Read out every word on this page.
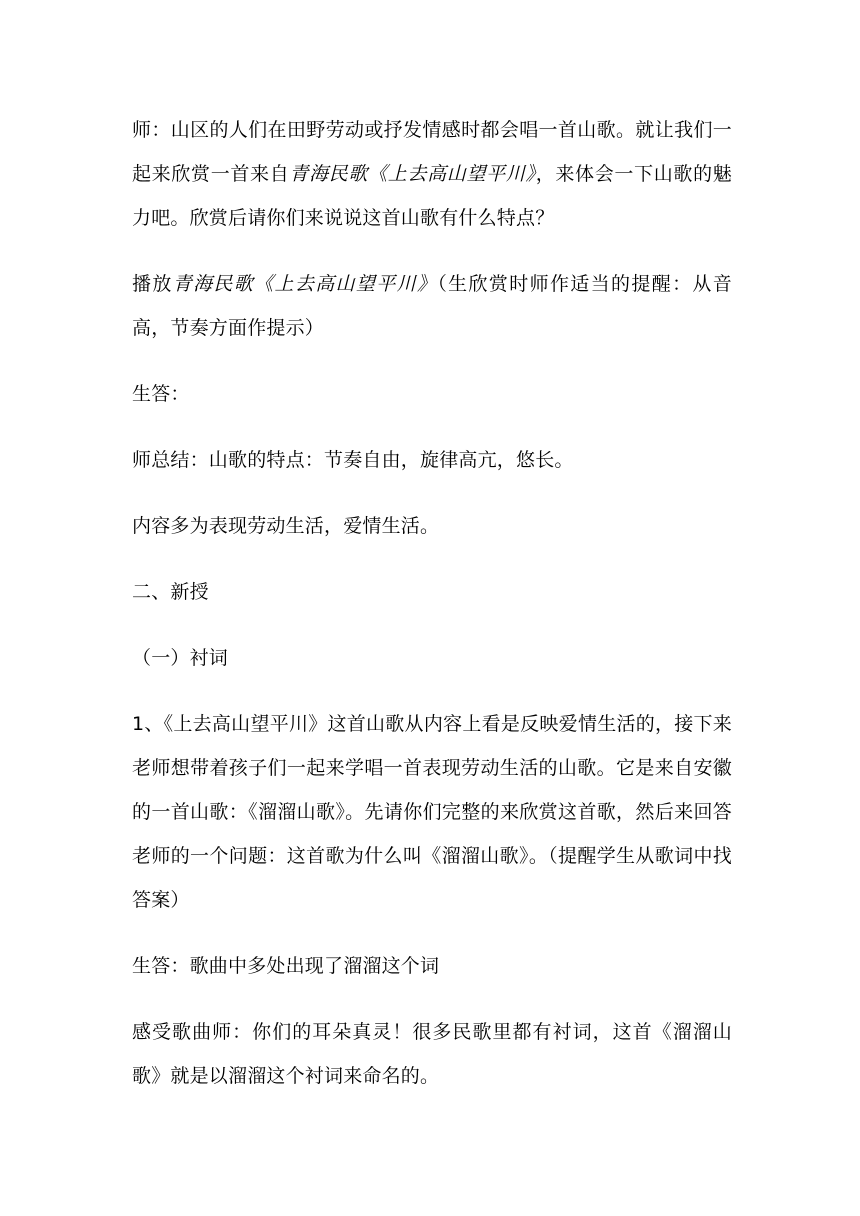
师：山区的人们在田野劳动或抒发情感时都会唱一首山歌。就让我们一起来欣赏一首来自青海民歌《上去高山望平川》，来体会一下山歌的魅力吧。欣赏后请你们来说说这首山歌有什么特点？

播放青海民歌《上去高山望平川》（生欣赏时师作适当的提醒：从音高，节奏方面作提示）

生答：

师总结：山歌的特点：节奏自由，旋律高亢，悠长。

内容多为表现劳动生活，爱情生活。

二、新授

（一）衬词

1、《上去高山望平川》这首山歌从内容上看是反映爱情生活的，接下来老师想带着孩子们一起来学唱一首表现劳动生活的山歌。它是来自安徽的一首山歌：《溜溜山歌》。先请你们完整的来欣赏这首歌，然后来回答老师的一个问题：这首歌为什么叫《溜溜山歌》。（提醒学生从歌词中找答案）

生答：歌曲中多处出现了溜溜这个词

感受歌曲师：你们的耳朵真灵！很多民歌里都有衬词，这首《溜溜山歌》就是以溜溜这个衬词来命名的。
